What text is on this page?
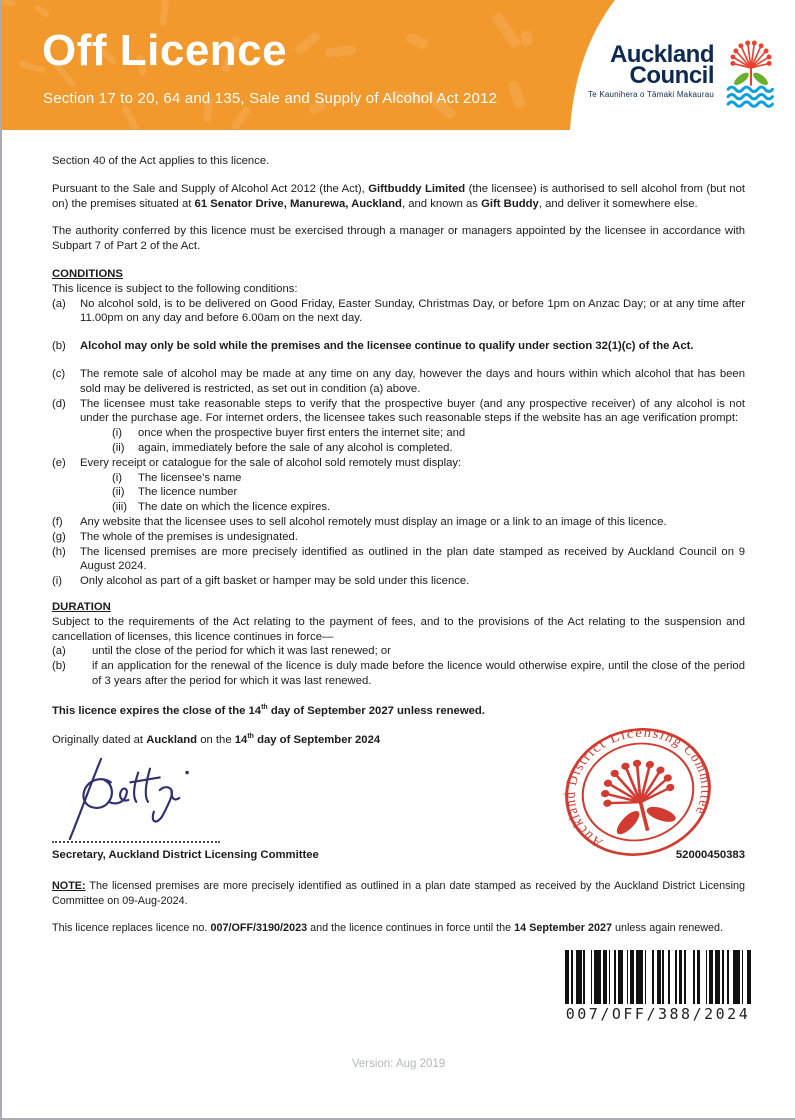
Off Licence
Section 17 to 20, 64 and 135, Sale and Supply of Alcohol Act 2012
Auckland
Council
Te Kaunihera o Tāmaki Makaurau

Section 40 of the Act applies to this licence.

Pursuant to the Sale and Supply of Alcohol Act 2012 (the Act), Giftbuddy Limited (the licensee) is authorised to sell alcohol from (but not on) the premises situated at 61 Senator Drive, Manurewa, Auckland, and known as Gift Buddy, and deliver it somewhere else.

The authority conferred by this licence must be exercised through a manager or managers appointed by the licensee in accordance with Subpart 7 of Part 2 of the Act.

CONDITIONS
This licence is subject to the following conditions:
(a)	No alcohol sold, is to be delivered on Good Friday, Easter Sunday, Christmas Day, or before 1pm on Anzac Day; or at any time after 11.00pm on any day and before 6.00am on the next day.
(b)	Alcohol may only be sold while the premises and the licensee continue to qualify under section 32(1)(c) of the Act.
(c)	The remote sale of alcohol may be made at any time on any day, however the days and hours within which alcohol that has been sold may be delivered is restricted, as set out in condition (a) above.
(d)	The licensee must take reasonable steps to verify that the prospective buyer (and any prospective receiver) of any alcohol is not under the purchase age. For internet orders, the licensee takes such reasonable steps if the website has an age verification prompt:
(i)	once when the prospective buyer first enters the internet site; and
(ii)	again, immediately before the sale of any alcohol is completed.
(e)	Every receipt or catalogue for the sale of alcohol sold remotely must display:
(i)	The licensee’s name
(ii)	The licence number
(iii) The date on which the licence expires.
(f)	Any website that the licensee uses to sell alcohol remotely must display an image or a link to an image of this licence.
(g)	The whole of the premises is undesignated.
(h)	The licensed premises are more precisely identified as outlined in the plan date stamped as received by Auckland Council on 9 August 2024.
(i)	Only alcohol as part of a gift basket or hamper may be sold under this licence.
DURATION
Subject to the requirements of the Act relating to the payment of fees, and to the provisions of the Act relating to the suspension and cancellation of licenses, this licence continues in force—
(a)	until the close of the period for which it was last renewed; or
(b)	if an application for the renewal of the licence is duly made before the licence would otherwise expire, until the close of the period of 3 years after the period for which it was last renewed.

This licence expires the close of the 14th day of September 2027 unless renewed.

Originally dated at Auckland on the 14th day of September 2024

Secretary, Auckland District Licensing Committee
Auckland District Licensing Committee
52000450383

NOTE: The licensed premises are more precisely identified as outlined in a plan date stamped as received by the Auckland District Licensing Committee on 09-Aug-2024.

This licence replaces licence no. 007/OFF/3190/2023 and the licence continues in force until the 14 September 2027 unless again renewed.

007/OFF/388/2024
Version: Aug 2019
